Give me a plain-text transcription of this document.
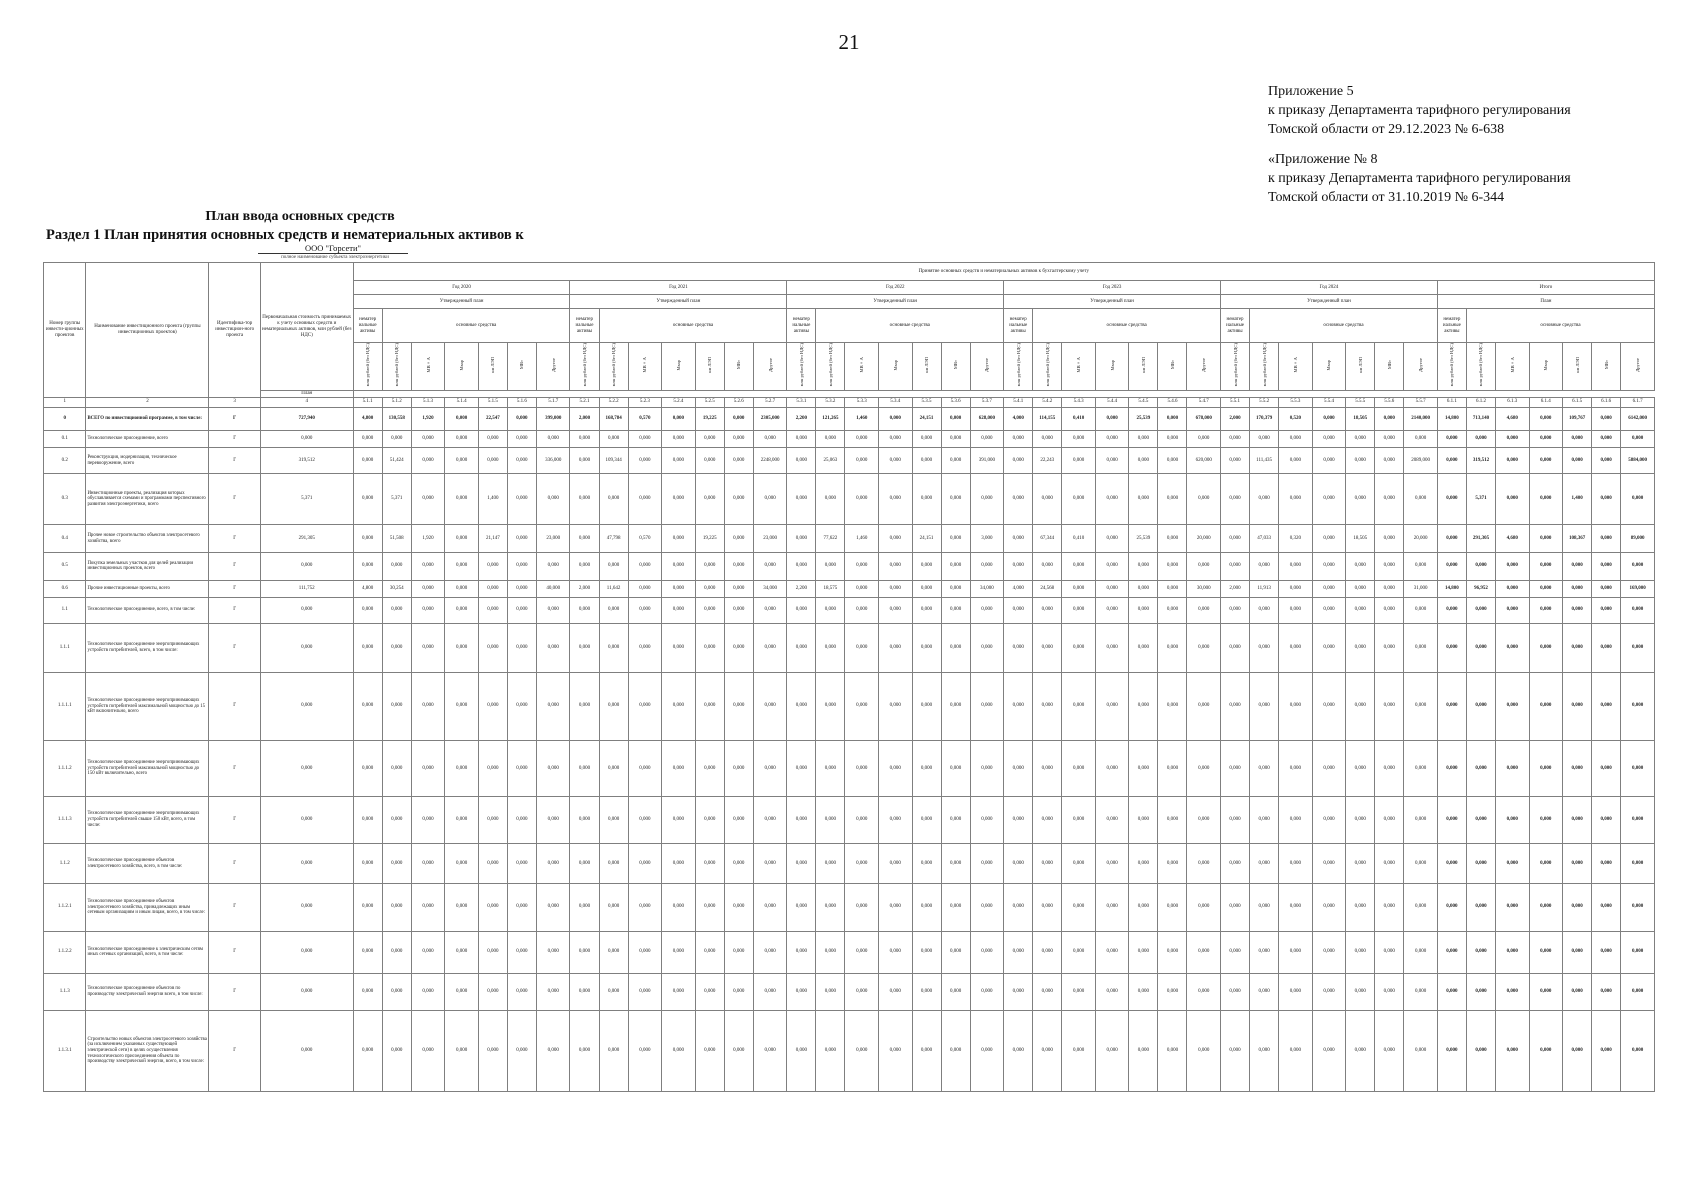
21
Приложение 5
к приказу Департамента тарифного регулирования
Томской области от 29.12.2023 № 6-638
«Приложение № 8
к приказу Департамента тарифного регулирования
Томской области от 31.10.2019 № 6-344
План ввода основных средств
Раздел 1 План принятия основных средств и нематериальных активов к
ООО "Горсети"
полное наименование субъекта электроэнергетики
Номер группы инвести-ционных проектов	Наименование инвестиционного проекта (группы инвестиционных проектов)	Идентифика-тор инвестицион-ного проекта	Первоначальная стоимость принимаемых к учету основных средств и нематериальных активов, млн рублей (без НДС)	Принятие основных средств и нематериальных активов к бухгалтерскому учету																																									
				Год 2020							Год 2021							Год 2022							Год 2023							Год 2024							Итого						
				Утвержденный план							Утвержденный план							Утвержденный план							Утвержденный план							Утвержденный план							План						
				нематер иальные активы	основные средства						нематер иальные активы	основные средства						нематер иальные активы	основные средства						нематер иальные активы	основные средства						нематер иальные активы	основные средства						нематер иальные активы	основные средства					
				млн рублей (без НДС)	млн рублей (без НДС)	МВ×А	Мвар	км ЛЭП	МВт	Другое	млн рублей (без НДС)	млн рублей (без НДС)	МВ×А	Мвар	км ЛЭП	МВт	Другое	млн рублей (без НДС)	млн рублей (без НДС)	МВ×А	Мвар	км ЛЭП	МВт	Другое	млн рублей (без НДС)	млн рублей (без НДС)	МВ×А	Мвар	км ЛЭП	МВт	Другое	млн рублей (без НДС)	млн рублей (без НДС)	МВ×А	Мвар	км ЛЭП	МВт	Другое	млн рублей (без НДС)	млн рублей (без НДС)	МВ×А	Мвар	км ЛЭП	МВт	Другое
			План																																										
1	2	3	4	5.1.1	5.1.2	5.1.3	5.1.4	5.1.5	5.1.6	5.1.7	5.2.1	5.2.2	5.2.3	5.2.4	5.2.5	5.2.6	5.2.7	5.3.1	5.3.2	5.3.3	5.3.4	5.3.5	5.3.6	5.3.7	5.4.1	5.4.2	5.4.3	5.4.4	5.4.5	5.4.6	5.4.7	5.5.1	5.5.2	5.5.3	5.5.4	5.5.5	5.5.6	5.5.7	6.1.1	6.1.2	6.1.3	6.1.4	6.1.5	6.1.6	6.1.7
0	ВСЕГО по инвестиционной программе, в том числе:	Г	727,940	4,800	130,558	1,920	0,000	22,547	0,000	399,000	2,000	168,784	0,570	0,000	19,225	0,000	2305,000	2,200	121,265	1,460	0,000	24,151	0,000	628,000	4,000	114,155	0,410	0,000	25,539	0,000	678,000	2,000	170,379	0,520	0,000	18,505	0,000	2140,000	14,800	713,140	4,680	0,000	109,767	0,000	6142,000
0.1	Технологическое присоединение, всего	Г	0,000	0,000	0,000	0,000	0,000	0,000	0,000	0,000	0,000	0,000	0,000	0,000	0,000	0,000	0,000	0,000	0,000	0,000	0,000	0,000	0,000	0,000	0,000	0,000	0,000	0,000	0,000	0,000	0,000	0,000	0,000	0,000	0,000	0,000	0,000	0,000	0,000	0,000	0,000	0,000	0,000	0,000	0,000
0.2	Реконструкция, модернизация, техническое перевооружение, всего	Г	319,512	0,000	51,424	0,000	0,000	0,000	0,000	336,000	0,000	109,344	0,000	0,000	0,000	0,000	2248,000	0,000	25,063	0,000	0,000	0,000	0,000	391,000	0,000	22,243	0,000	0,000	0,000	0,000	620,000	0,000	111,435	0,000	0,000	0,000	0,000	2089,000	0,000	319,512	0,000	0,000	0,000	0,000	5884,000
0.3	Инвестиционные проекты, реализация которых обуславливается схемами и программами перспективного развития электроэнергетики, всего	Г	5,371	0,000	5,371	0,000	0,000	1,400	0,000	0,000	0,000	0,000	0,000	0,000	0,000	0,000	0,000	0,000	0,000	0,000	0,000	0,000	0,000	0,000	0,000	0,000	0,000	0,000	0,000	0,000	0,000	0,000	0,000	0,000	0,000	0,000	0,000	0,000	0,000	5,371	0,000	0,000	1,400	0,000	0,000
0.4	Прочее новое строительство объектов электросетевого хозяйства, всего	Г	291,305	0,000	51,508	1,920	0,000	21,147	0,000	23,000	0,000	47,798	0,570	0,000	19,225	0,000	23,000	0,000	77,622	1,460	0,000	24,151	0,000	3,000	0,000	67,344	0,410	0,000	25,539	0,000	20,000	0,000	47,033	0,320	0,000	18,505	0,000	20,000	0,000	291,305	4,680	0,000	108,367	0,000	89,000
0.5	Покупка земельных участков для целей реализации инвестиционных проектов, всего	Г	0,000	0,000	0,000	0,000	0,000	0,000	0,000	0,000	0,000	0,000	0,000	0,000	0,000	0,000	0,000	0,000	0,000	0,000	0,000	0,000	0,000	0,000	0,000	0,000	0,000	0,000	0,000	0,000	0,000	0,000	0,000	0,000	0,000	0,000	0,000	0,000	0,000	0,000	0,000	0,000	0,000	0,000	0,000
0.6	Прочие инвестиционные проекты, всего	Г	111,752	4,800	30,254	0,000	0,000	0,000	0,000	40,000	2,000	11,642	0,000	0,000	0,000	0,000	34,000	2,200	18,575	0,000	0,000	0,000	0,000	34,000	4,000	24,568	0,000	0,000	0,000	0,000	30,000	2,000	11,913	0,000	0,000	0,000	0,000	31,000	14,800	96,952	0,000	0,000	0,000	0,000	169,000
1.1	Технологическое присоединение, всего, в том числе:	Г	0,000	0,000	0,000	0,000	0,000	0,000	0,000	0,000	0,000	0,000	0,000	0,000	0,000	0,000	0,000	0,000	0,000	0,000	0,000	0,000	0,000	0,000	0,000	0,000	0,000	0,000	0,000	0,000	0,000	0,000	0,000	0,000	0,000	0,000	0,000	0,000	0,000	0,000	0,000	0,000	0,000	0,000	0,000
1.1.1	Технологическое присоединение энергопринимающих устройств потребителей, всего, в том числе:	Г	0,000	0,000	0,000	0,000	0,000	0,000	0,000	0,000	0,000	0,000	0,000	0,000	0,000	0,000	0,000	0,000	0,000	0,000	0,000	0,000	0,000	0,000	0,000	0,000	0,000	0,000	0,000	0,000	0,000	0,000	0,000	0,000	0,000	0,000	0,000	0,000	0,000	0,000	0,000	0,000	0,000	0,000	0,000
1.1.1.1	Технологическое присоединение энергопринимающих устройств потребителей максимальной мощностью до 15 кВт включительно, всего	Г	0,000	0,000	0,000	0,000	0,000	0,000	0,000	0,000	0,000	0,000	0,000	0,000	0,000	0,000	0,000	0,000	0,000	0,000	0,000	0,000	0,000	0,000	0,000	0,000	0,000	0,000	0,000	0,000	0,000	0,000	0,000	0,000	0,000	0,000	0,000	0,000	0,000	0,000	0,000	0,000	0,000	0,000	0,000
1.1.1.2	Технологическое присоединение энергопринимающих устройств потребителей максимальной мощностью до 150 кВт включительно, всего	Г	0,000	0,000	0,000	0,000	0,000	0,000	0,000	0,000	0,000	0,000	0,000	0,000	0,000	0,000	0,000	0,000	0,000	0,000	0,000	0,000	0,000	0,000	0,000	0,000	0,000	0,000	0,000	0,000	0,000	0,000	0,000	0,000	0,000	0,000	0,000	0,000	0,000	0,000	0,000	0,000	0,000	0,000	0,000
1.1.1.3	Технологическое присоединение энергопринимающих устройств потребителей свыше 150 кВт, всего, в том числе:	Г	0,000	0,000	0,000	0,000	0,000	0,000	0,000	0,000	0,000	0,000	0,000	0,000	0,000	0,000	0,000	0,000	0,000	0,000	0,000	0,000	0,000	0,000	0,000	0,000	0,000	0,000	0,000	0,000	0,000	0,000	0,000	0,000	0,000	0,000	0,000	0,000	0,000	0,000	0,000	0,000	0,000	0,000	0,000
1.1.2	Технологическое присоединение объектов электросетевого хозяйства, всего, в том числе:	Г	0,000	0,000	0,000	0,000	0,000	0,000	0,000	0,000	0,000	0,000	0,000	0,000	0,000	0,000	0,000	0,000	0,000	0,000	0,000	0,000	0,000	0,000	0,000	0,000	0,000	0,000	0,000	0,000	0,000	0,000	0,000	0,000	0,000	0,000	0,000	0,000	0,000	0,000	0,000	0,000	0,000	0,000	0,000
1.1.2.1	Технологическое присоединение объектов электросетевого хозяйства, принадлежащих иным сетевым организациям и иным лицам, всего, в том числе:	Г	0,000	0,000	0,000	0,000	0,000	0,000	0,000	0,000	0,000	0,000	0,000	0,000	0,000	0,000	0,000	0,000	0,000	0,000	0,000	0,000	0,000	0,000	0,000	0,000	0,000	0,000	0,000	0,000	0,000	0,000	0,000	0,000	0,000	0,000	0,000	0,000	0,000	0,000	0,000	0,000	0,000	0,000	0,000
1.1.2.2	Технологическое присоединение к электрическим сетям иных сетевых организаций, всего, в том числе:	Г	0,000	0,000	0,000	0,000	0,000	0,000	0,000	0,000	0,000	0,000	0,000	0,000	0,000	0,000	0,000	0,000	0,000	0,000	0,000	0,000	0,000	0,000	0,000	0,000	0,000	0,000	0,000	0,000	0,000	0,000	0,000	0,000	0,000	0,000	0,000	0,000	0,000	0,000	0,000	0,000	0,000	0,000	0,000
1.1.3	Технологическое присоединение объектов по производству электрической энергии всего, в том числе:	Г	0,000	0,000	0,000	0,000	0,000	0,000	0,000	0,000	0,000	0,000	0,000	0,000	0,000	0,000	0,000	0,000	0,000	0,000	0,000	0,000	0,000	0,000	0,000	0,000	0,000	0,000	0,000	0,000	0,000	0,000	0,000	0,000	0,000	0,000	0,000	0,000	0,000	0,000	0,000	0,000	0,000	0,000	0,000
1.1.3.1	Строительство новых объектов электросетевого хозяйства (за исключением указанных существующей электрической сети) в целях осуществления технологического присоединения объекта по производству электрической энергии, всего, в том числе:	Г	0,000	0,000	0,000	0,000	0,000	0,000	0,000	0,000	0,000	0,000	0,000	0,000	0,000	0,000	0,000	0,000	0,000	0,000	0,000	0,000	0,000	0,000	0,000	0,000	0,000	0,000	0,000	0,000	0,000	0,000	0,000	0,000	0,000	0,000	0,000	0,000	0,000	0,000	0,000	0,000	0,000	0,000	0,000
